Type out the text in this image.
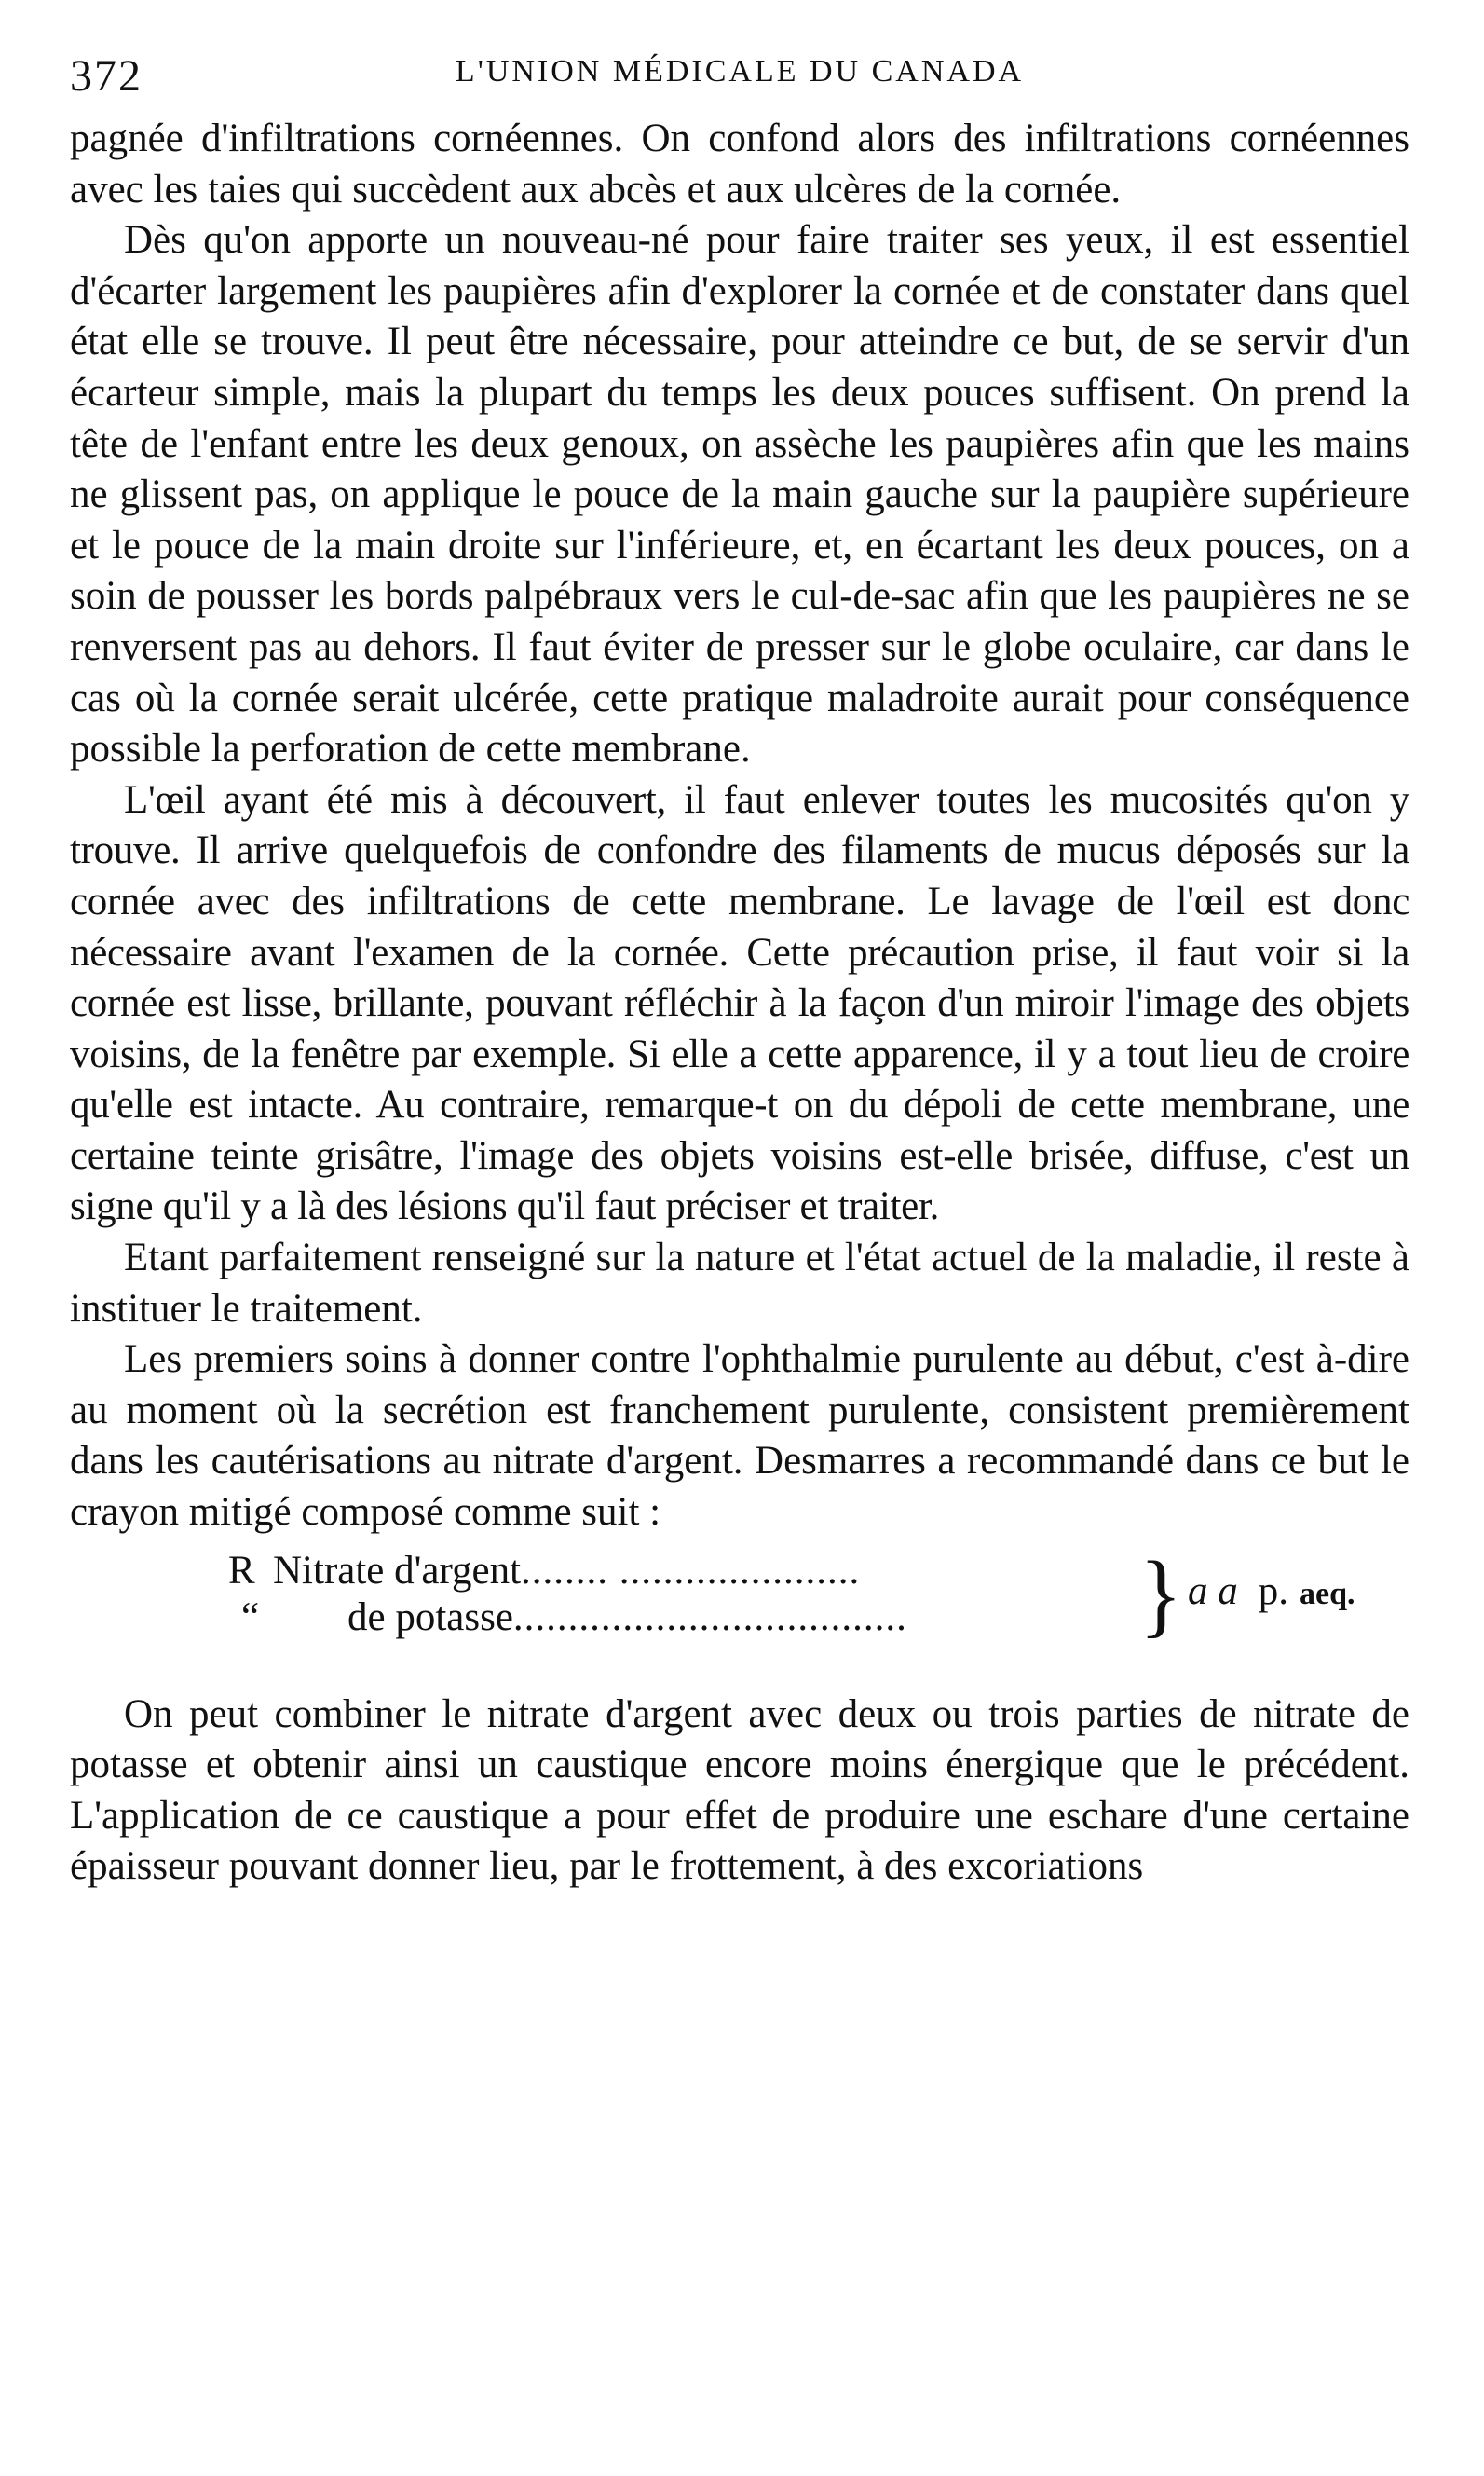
372	L'UNION MÉDICALE DU CANADA

pagnée d'infiltrations cornéennes. On confond alors des infiltrations cornéennes avec les taies qui succèdent aux abcès et aux ulcères de la cornée.

Dès qu'on apporte un nouveau-né pour faire traiter ses yeux, il est essentiel d'écarter largement les paupières afin d'explorer la cornée et de constater dans quel état elle se trouve. Il peut être nécessaire, pour atteindre ce but, de se servir d'un écarteur simple, mais la plupart du temps les deux pouces suffisent. On prend la tête de l'enfant entre les deux genoux, on assèche les paupières afin que les mains ne glissent pas, on applique le pouce de la main gauche sur la paupière supérieure et le pouce de la main droite sur l'inférieure, et, en écartant les deux pouces, on a soin de pousser les bords palpébraux vers le cul-de-sac afin que les paupières ne se renversent pas au dehors. Il faut éviter de presser sur le globe oculaire, car dans le cas où la cornée serait ulcérée, cette pratique maladroite aurait pour conséquence possible la perforation de cette membrane.

L'œil ayant été mis à découvert, il faut enlever toutes les mucosités qu'on y trouve. Il arrive quelquefois de confondre des filaments de mucus déposés sur la cornée avec des infiltrations de cette membrane. Le lavage de l'œil est donc nécessaire avant l'examen de la cornée. Cette précaution prise, il faut voir si la cornée est lisse, brillante, pouvant réfléchir à la façon d'un miroir l'image des objets voisins, de la fenêtre par exemple. Si elle a cette apparence, il y a tout lieu de croire qu'elle est intacte. Au contraire, remarque-t on du dépoli de cette membrane, une certaine teinte grisâtre, l'image des objets voisins est-elle brisée, diffuse, c'est un signe qu'il y a là des lésions qu'il faut préciser et traiter.

Etant parfaitement renseigné sur la nature et l'état actuel de la maladie, il reste à instituer le traitement.

Les premiers soins à donner contre l'ophthalmie purulente au début, c'est à-dire au moment où la secrétion est franchement purulente, consistent premièrement dans les cautérisations au nitrate d'argent. Desmarres a recommandé dans ce but le crayon mitigé composé comme suit :

R Nitrate d'argent........ ......................
“ de potasse....................................	} a a p. aeq.

On peut combiner le nitrate d'argent avec deux ou trois parties de nitrate de potasse et obtenir ainsi un caustique encore moins énergique que le précédent. L'application de ce caustique a pour effet de produire une eschare d'une certaine épaisseur pouvant donner lieu, par le frottement, à des excoriations
